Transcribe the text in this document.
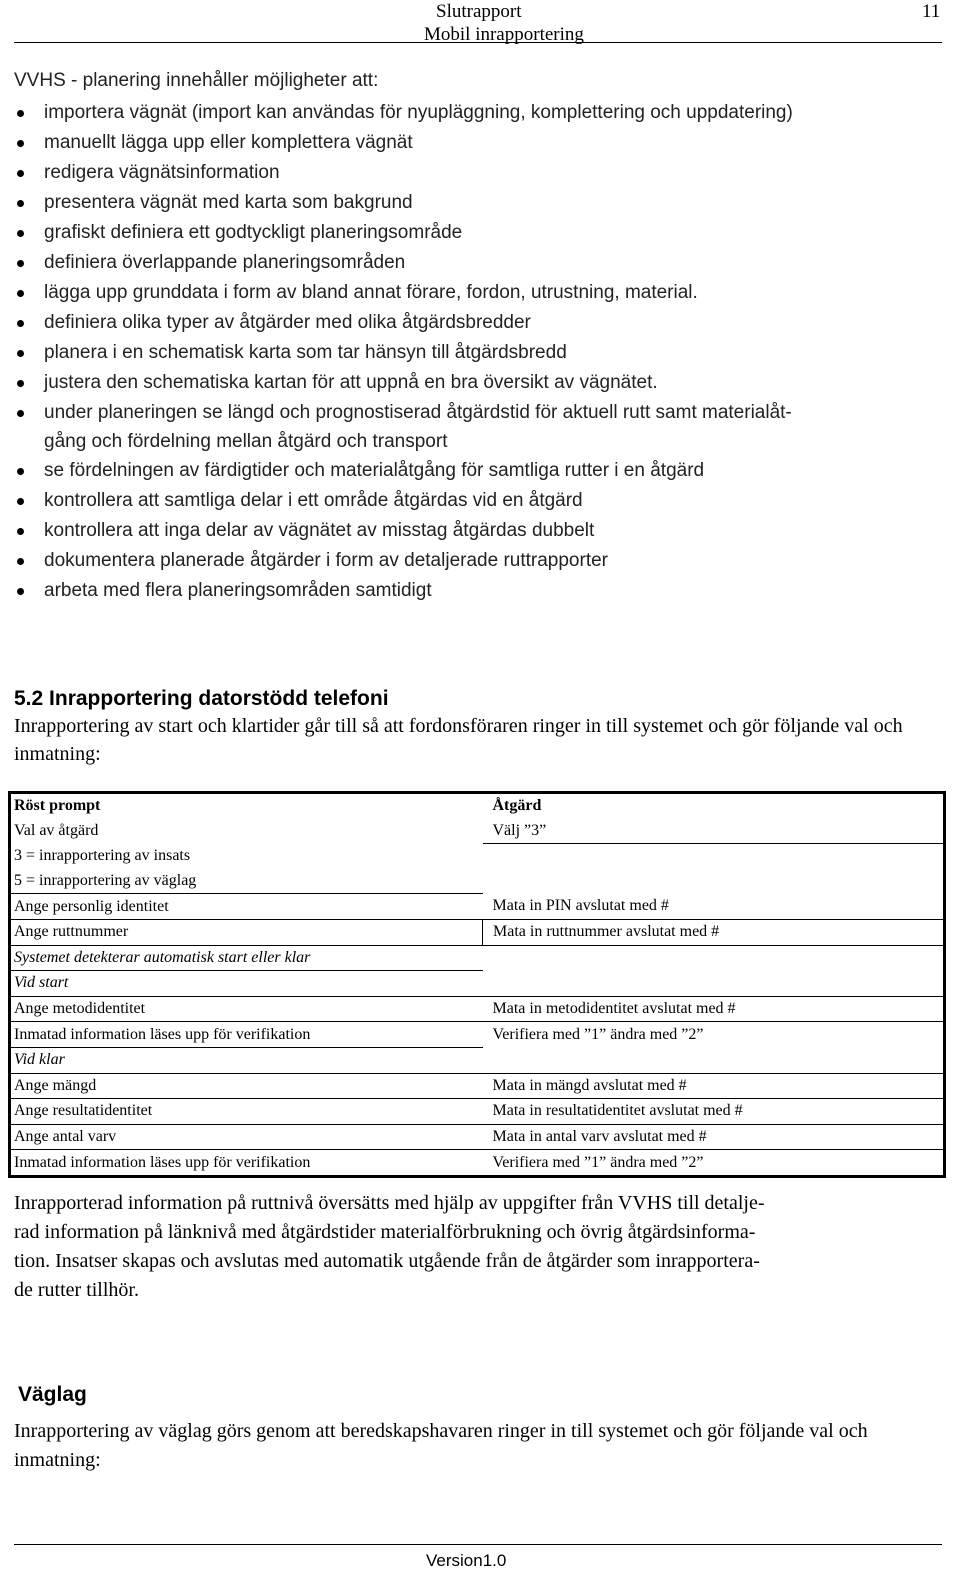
Slutrapport
Mobil inrapportering
11
VVHS - planering innehåller möjligheter att:
importera vägnät (import kan användas för nyupläggning, komplettering och uppdatering)
manuellt lägga upp eller komplettera vägnät
redigera vägnätsinformation
presentera vägnät med karta som bakgrund
grafiskt definiera ett godtyckligt planeringsområde
definiera överlappande planeringsområden
lägga upp grunddata i form av bland annat förare, fordon, utrustning, material.
definiera olika typer av åtgärder med olika åtgärdsbredder
planera i en schematisk karta som tar hänsyn till åtgärdsbredd
justera den schematiska kartan för att uppnå en bra översikt av vägnätet.
under planeringen se längd och prognostiserad åtgärdstid för aktuell rutt samt materialåt-
gång och fördelning mellan åtgärd och transport
se fördelningen av färdigtider och materialåtgång för samtliga rutter i en åtgärd
kontrollera att samtliga delar i ett område åtgärdas vid en åtgärd
kontrollera att inga delar av vägnätet av misstag åtgärdas dubbelt
dokumentera planerade åtgärder i form av detaljerade ruttrapporter
arbeta med flera planeringsområden samtidigt
5.2 Inrapportering datorstödd telefoni
Inrapportering av start och klartider går till så att fordonsföraren ringer in till systemet och gör följande val och inmatning:
Röst prompt	Åtgärd
Val av åtgärd	Välj ”3”
3 = inrapportering av insats	
5 = inrapportering av väglag	
Ange personlig identitet	Mata in PIN avslutat med #
Ange ruttnummer	Mata in ruttnummer avslutat med #
Systemet detekterar automatisk start eller klar	
Vid start	
Ange metodidentitet	Mata in metodidentitet avslutat med #
Inmatad information läses upp för verifikation	Verifiera med ”1” ändra med ”2”
Vid klar	
Ange mängd	Mata in mängd avslutat med #
Ange resultatidentitet	Mata in resultatidentitet avslutat med #
Ange antal varv	Mata in antal varv avslutat med #
Inmatad information läses upp för verifikation	Verifiera med ”1” ändra med ”2”
Inrapporterad information på ruttnivå översätts med hjälp av uppgifter från VVHS till detalje-
rad information på länknivå med åtgärdstider materialförbrukning och övrig åtgärdsinforma-
tion. Insatser skapas och avslutas med automatik utgående från de åtgärder som inrapportera-
de rutter tillhör.
Väglag
Inrapportering av väglag görs genom att beredskapshavaren ringer in till systemet och gör följande val och inmatning:
Version1.0
